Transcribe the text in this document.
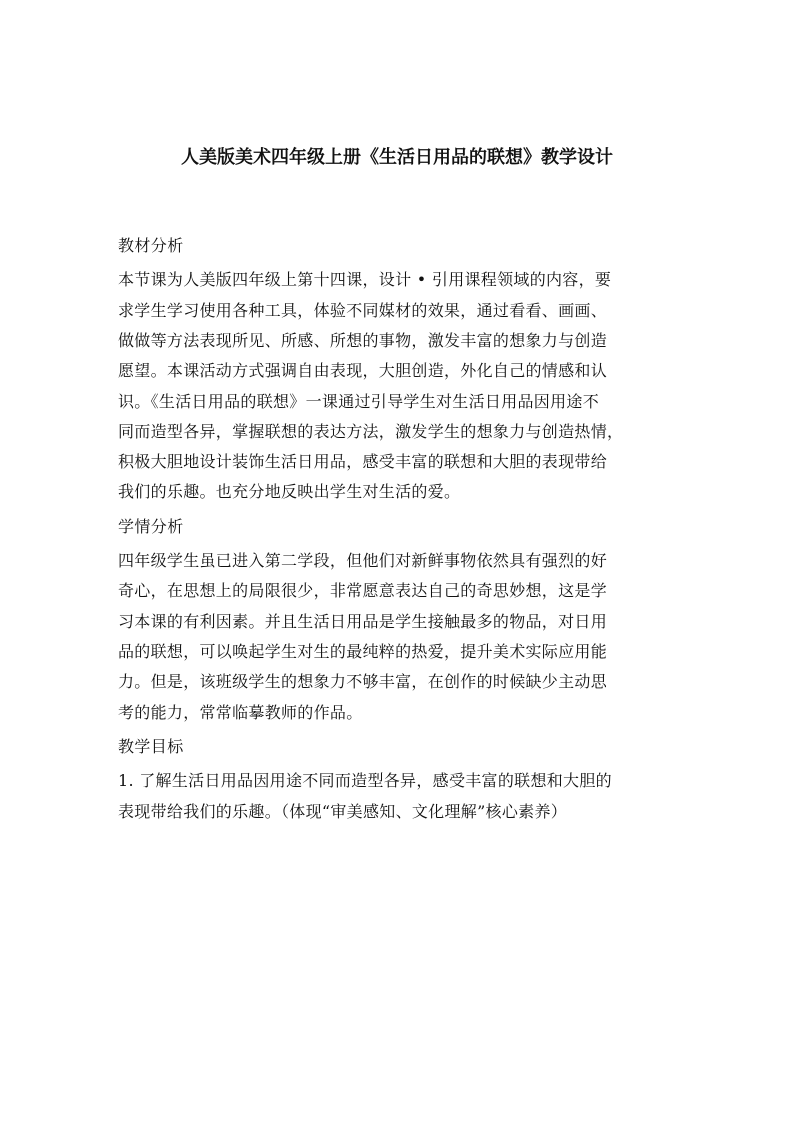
人美版美术四年级上册《生活日用品的联想》教学设计

教材分析

本节课为人美版四年级上第十四课，设计 • 引用课程领域的内容，要
求学生学习使用各种工具，体验不同媒材的效果，通过看看、画画、
做做等方法表现所见、所感、所想的事物，激发丰富的想象力与创造
愿望。本课活动方式强调自由表现，大胆创造，外化自己的情感和认
识。《生活日用品的联想》一课通过引导学生对生活日用品因用途不
同而造型各异，掌握联想的表达方法，激发学生的想象力与创造热情，
积极大胆地设计装饰生活日用品，感受丰富的联想和大胆的表现带给
我们的乐趣。也充分地反映出学生对生活的爱。

学情分析

四年级学生虽已进入第二学段，但他们对新鲜事物依然具有强烈的好
奇心，在思想上的局限很少，非常愿意表达自己的奇思妙想，这是学
习本课的有利因素。并且生活日用品是学生接触最多的物品，对日用
品的联想，可以唤起学生对生的最纯粹的热爱，提升美术实际应用能
力。但是，该班级学生的想象力不够丰富，在创作的时候缺少主动思
考的能力，常常临摹教师的作品。

教学目标

1. 了解生活日用品因用途不同而造型各异，感受丰富的联想和大胆的
表现带给我们的乐趣。（体现“审美感知、文化理解”核心素养）
